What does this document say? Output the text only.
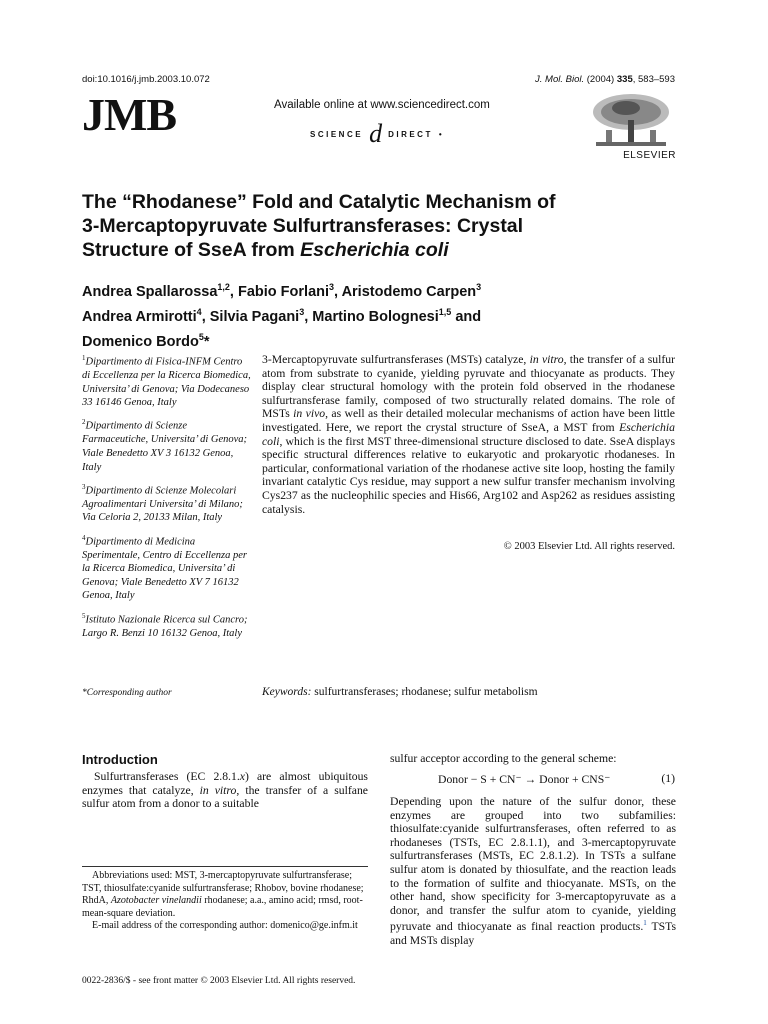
doi:10.1016/j.jmb.2003.10.072	J. Mol. Biol. (2004) 335, 583–593
JMB	Available online at www.sciencedirect.com
SCIENCE d DIRECT •
ELSEVIER
The “Rhodanese” Fold and Catalytic Mechanism of
3-Mercaptopyruvate Sulfurtransferases: Crystal
Structure of SseA from Escherichia coli
Andrea Spallarossa$^{1,2}$, Fabio Forlani$^3$, Aristodemo Carpen$^3$
Andrea Armirotti$^4$, Silvia Pagani$^3$, Martino Bolognesi$^{1,5}$ and
Domenico Bordo$^5$*

$^1$Dipartimento di Fisica-INFM Centro di Eccellenza per la Ricerca Biomedica, Universita’ di Genova; Via Dodecaneso 33 16146 Genoa, Italy

$^2$Dipartimento di Scienze Farmaceutiche, Universita’ di Genova; Viale Benedetto XV 3 16132 Genoa, Italy

$^3$Dipartimento di Scienze Molecolari Agroalimentari Universita’ di Milano; Via Celoria 2, 20133 Milan, Italy

$^4$Dipartimento di Medicina Sperimentale, Centro di Eccellenza per la Ricerca Biomedica, Universita’ di Genova; Viale Benedetto XV 7 16132 Genoa, Italy

$^5$Istituto Nazionale Ricerca sul Cancro; Largo R. Benzi 10 16132 Genoa, Italy

3-Mercaptopyruvate sulfurtransferases (MSTs) catalyze, in vitro, the transfer of a sulfur atom from substrate to cyanide, yielding pyruvate and thiocyanate as products. They display clear structural homology with the protein fold observed in the rhodanese sulfurtransferase family, composed of two structurally related domains. The role of MSTs in vivo, as well as their detailed molecular mechanisms of action have been little investigated. Here, we report the crystal structure of SseA, a MST from Escherichia coli, which is the first MST three-dimensional structure disclosed to date. SseA displays specific structural differences relative to eukaryotic and prokaryotic rhodaneses. In particular, conformational variation of the rhodanese active site loop, hosting the family invariant catalytic Cys residue, may support a new sulfur transfer mechanism involving Cys237 as the nucleophilic species and His66, Arg102 and Asp262 as residues assisting catalysis.
© 2003 Elsevier Ltd. All rights reserved.
*Corresponding author	Keywords: sulfurtransferases; rhodanese; sulfur metabolism
Introduction
Sulfurtransferases (EC 2.8.1.x) are almost ubiquitous enzymes that catalyze, in vitro, the transfer of a sulfane sulfur atom from a donor to a suitable

Abbreviations used: MST, 3-mercaptopyruvate sulfurtransferase; TST, thiosulfate:cyanide sulfurtransferase; Rhobov, bovine rhodanese; RhdA, Azotobacter vinelandii rhodanese; a.a., amino acid; rmsd, root-mean-square deviation.

E-mail address of the corresponding author: domenico@ge.infm.it

sulfur acceptor according to the general scheme:
Donor − S + CN⁻ → Donor + CNS⁻	(1)
Depending upon the nature of the sulfur donor, these enzymes are grouped into two subfamilies: thiosulfate:cyanide sulfurtransferases, often referred to as rhodaneses (TSTs, EC 2.8.1.1), and 3-mercaptopyruvate sulfurtransferases (MSTs, EC 2.8.1.2). In TSTs a sulfane sulfur atom is donated by thiosulfate, and the reaction leads to the formation of sulfite and thiocyanate. MSTs, on the other hand, show specificity for 3-mercaptopyruvate as a donor, and transfer the sulfur atom to cyanide, yielding pyruvate and thiocyanate as final reaction products.$^1$ TSTs and MSTs display
0022-2836/$ - see front matter © 2003 Elsevier Ltd. All rights reserved.
